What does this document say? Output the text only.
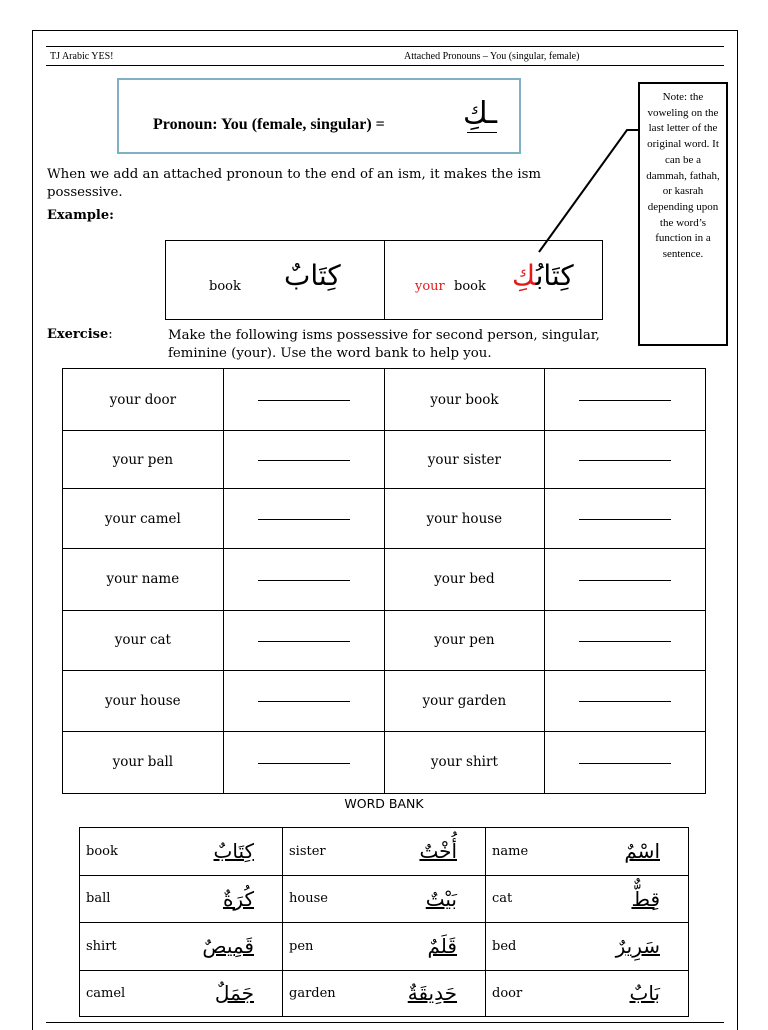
TJ Arabic YES!	Attached Pronouns – You (singular, female)
Pronoun: You (female, singular) =	ـكِ	Note: the voweling on the last letter of the original word. It can be a dammah, fathah, or kasrah depending upon the word’s function in a sentence.
When we add an attached pronoun to the end of an ism, it makes the ism possessive.
Example:
book كِتَابٌ	your book	كِتَابُكِ
Exercise:	Make the following isms possessive for second person, singular, feminine (your). Use the word bank to help you.
your door		your book	
your pen		your sister	
your camel		your house	
your name		your bed	
your cat		your pen	
your house		your garden	
your ball		your shirt	
WORD BANK
book	كِتَابٌ	sister	أُخْتٌ	name	اسْمٌ
ball	كُرَةٌ	house	بَيْتٌ	cat	قِطٌّ
shirt	قَمِيصٌ	pen	قَلَمٌ	bed	سَرِيرٌ
camel	جَمَلٌ	garden	حَدِيقَةٌ	door	بَابٌ
